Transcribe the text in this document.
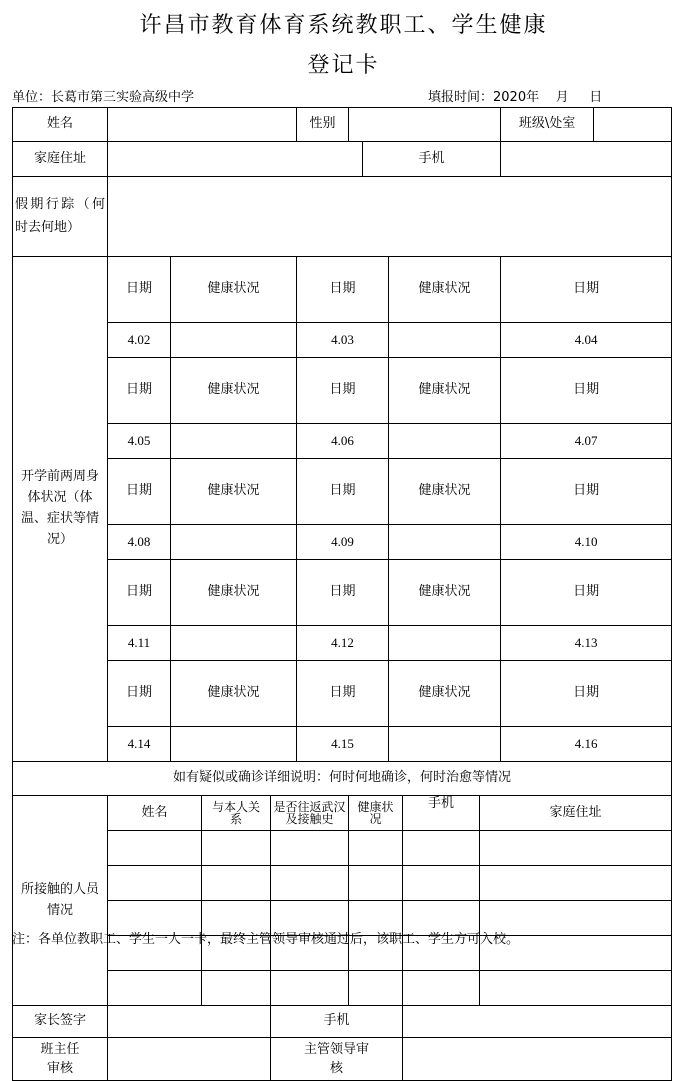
许昌市教育体育系统教职工、学生健康
登记卡
单位：长葛市第三实验高级中学	填报时间：2020年    月     日
姓名					性别						班级\处室		
家庭住址							手机						
假期行踪（何时去何地）													
开学前两周身体状况（体温、症状等情况）	日期	健康状况			日期			健康状况			日期	
	4.02				4.03						4.04		
	日期	健康状况			日期			健康状况			日期	
	4.05				4.06						4.07		
	日期	健康状况			日期			健康状况			日期	
	4.08				4.09						4.10		
	日期	健康状况			日期			健康状况			日期	
	4.11				4.12						4.13		
	日期	健康状况			日期			健康状况			日期	
	4.14				4.15						4.16		
如有疑似或确诊详细说明：何时何地确诊，何时治愈等情况													
所接触的人员情况	姓名		与本人关系	是否往返武汉及接触史		健康状况			手机	家庭住址			

家长签字				手机									
班主任审核				主管领导审核									
注：各单位教职工、学生一人一卡，最终主管领导审核通过后，该职工、学生方可入校。
